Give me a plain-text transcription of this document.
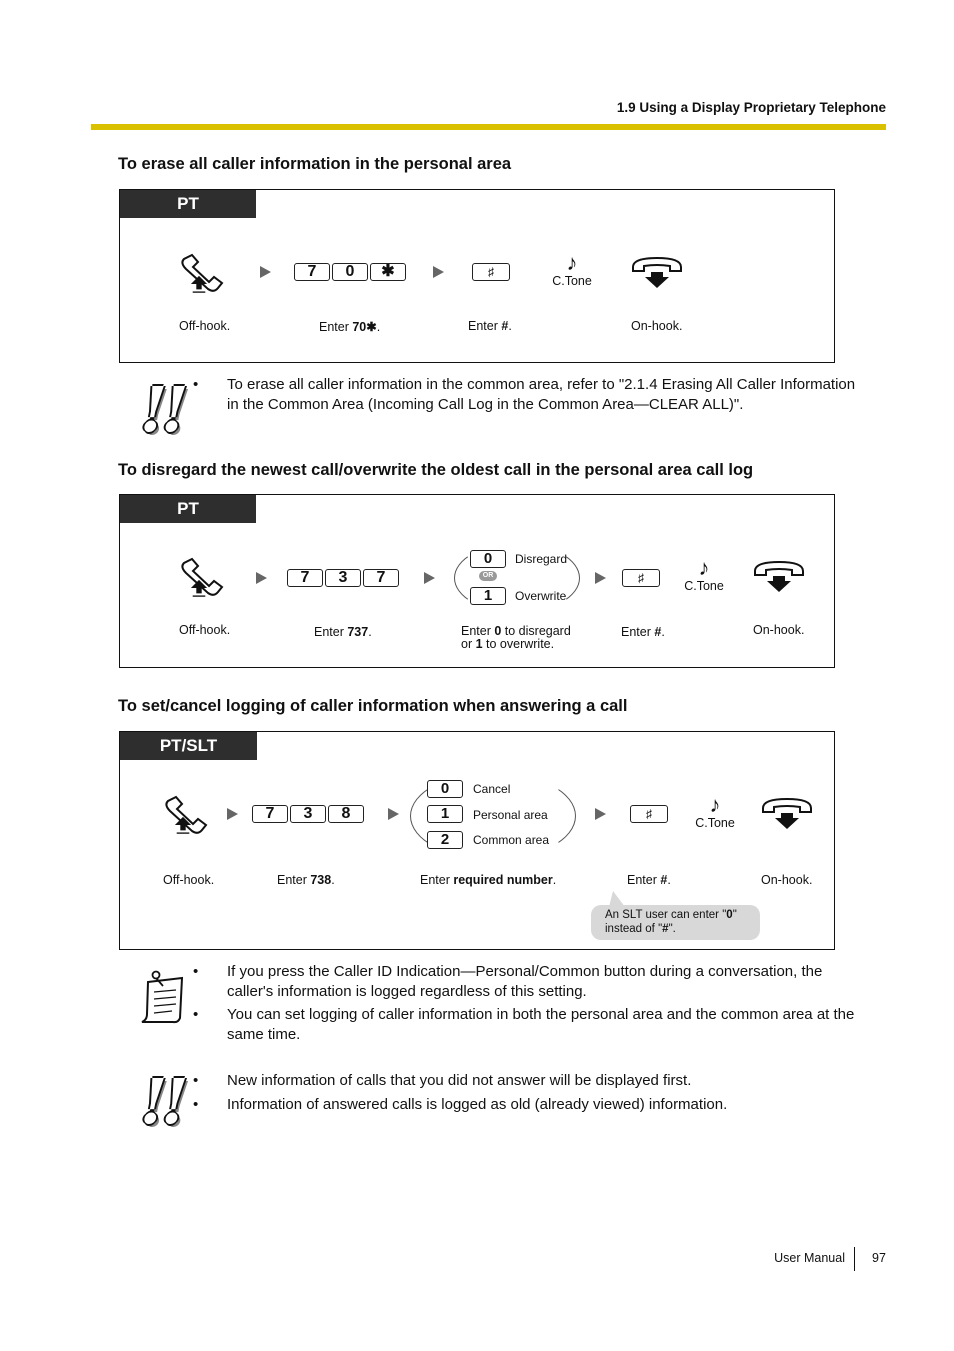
1.9 Using a Display Proprietary Telephone
To erase all caller information in the personal area
PT
7	0	✱	♯	♪
C.Tone
Off-hook.	Enter 70✱.	Enter #.	On-hook.
!!	• To erase all caller information in the common area, refer to "2.1.4 Erasing All Caller Information in the Common Area (Incoming Call Log in the Common Area—CLEAR ALL)".
To disregard the newest call/overwrite the oldest call in the personal area call log
PT
7	3	7
0	Disregard
OR
1	Overwrite
♯	♪
C.Tone
Off-hook.	Enter 737.	Enter 0 to disregard
or 1 to overwrite.
Enter #.	On-hook.
To set/cancel logging of caller information when answering a call
PT/SLT
7	3	8
0	Cancel
1	Personal area
2	Common area
♯	♪
C.Tone
Off-hook.	Enter 738.	Enter required number.	Enter #.	On-hook.
An SLT user can enter "0"
instead of "#".
• If you press the Caller ID Indication—Personal/Common button during a conversation, the caller's information is logged regardless of this setting.
• You can set logging of caller information in both the personal area and the common area at the same time.
!!	• New information of calls that you did not answer will be displayed first.
• Information of answered calls is logged as old (already viewed) information.
User Manual 97
